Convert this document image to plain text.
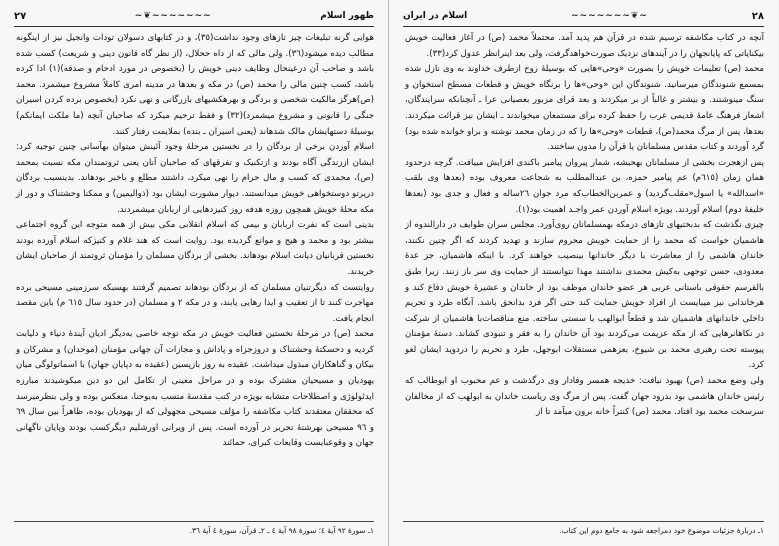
٢٧	∼❦∼∼∼∼∼∼∼	ظهور اسلام

هوایی گرنه تبلیغات چیز تازهای وجود نداشت(٣٥)، و در کتابهای دسولان تودات وانجیل نیز از اینگونه مطالب دیده میشود(٣٦). ولی مالی که از داه ححلال، (از نظر گاه قانون دینی و شریعت) کسب شده باشد و صاحب آن درعینحال وظایف دینی خویش را (بخصوص در مورد ادحام و صدقه)(١) ادا کرده باشد، کسب چنین مالی را محمد (ص) در مکه و بعدها در مدینه امری کاملاً مشروع میشمرد. محمد (ص)هرگز مالکیت شخصی و بردگی و بهرهکشیهای بازرگانی و نهی نکرد (بخصوص برده کردن اسیران جنگی را قانونی و مشروع میشمرد)(٣٢) و فقط ترحیم میکرد که صاحبان آنچه (ما ملکت ایمانکم) بوسیلهٔ دستهایشان مالک شدهاند (یعنی اسیران ـ بنده) بملایمت رفتار کنند.

اسلام آوردن برخی از بردگان را در نخستین مرحلهٔ وجود آئینش میتوان بهآسانی چنین توجیه کرد: ایشان اززندگی آگاه بودند و ازتکنیک و تفرقهای که صاحبان آنان یعنی ثروتمندان مکه نسبت بمحمد (ص)، محمدی که کسب و مال حرام را نهی میکرد، داشتند مطلع و باخبر بودهاند. بدینسبب بردگان درپرتو دوستخواهی خویش میدانستند. دیوار مشورت ایشان بود (ذوالیمین) و ممکنا وحشتناک و دور از مکه محلهٔ خویش همچون روزه هدفه روز کنیزدهایی از اربابان میشمردند.

بدینی است که نفرت اربابان و بیمی که اسلام انقلابی مکی بیش از همه متوجه این گروه اجتماعی بیشتر بود و محمد و هیج و موانع گردیده بود. روایت است که هند غلام و کنیزکه اسلام آورده بودند نخستین قربانیان دیانت اسلام بودهاند. بخشی از بردگان مسلمان را مؤمنان ثروتمند از صاحبان ایشان خریدند.

روایتست که دیگرتنیان مسلمان که از بردگان بودهاند تصمیم گرفتند بهسبکه سرزمینی مسیحی برده مهاجرت کنند تا از تعقیب و ایذا رهایی یابند، و در مکه ٢ و مسلمان (در حدود سال ٦١٥ م) باین مقصد انجام یافت.

محمد (ص) در مرحلهٔ نخستین فعالیت خویش در مکه توجه خاصی به‌دیگر ادیان آیندهٔ دنیاء و دلیابت کردیه و دحسکتهٔ وحشتناک و دروزجزاه و پاداش و مجازات آن جهانی مؤمنان (موحدان) و مشرکان و بیکان و گناهکاران مبذول میداشت. عقیده به روز بازپسین (عقیده به دپایان جهان) با اسماتولوگی میان یهودیان و مسیحیان مشترک بوده و در مراحل معینی از تکامل این دو دین میکوشیدند مبارزه ایدئولوژی و اصطلاحات متشابه بویژه در کتب مقدسهٔ متسب به‌یوحنا، منعکس بوده و ولی بنظرمیرسد که محققان معتقدند کتاب مکاشفه را مؤلف مسیحی مجهولی که از یهودیان بوده، ظاهراً بین سال ٦٩ و ٩٦ مسیحی بهرشتهٔ تحریر در آورده است. پس از ویرانی اورشلیم دیگرکسب بودند وپایان ناگهانی جهان و وقوعبایست وقایعات کبرای، حمائند

١ـ سورهٔ ٩٢ آیهٔ ٤؛ سورهٔ ٩٨ آیهٔ ٤ ـ ٢ـ قرآن، سورهٔ ٤ آیهٔ ٣٦.
اسلام در ایران	∼∼∼∼∼∼∼❦∼	٢٨

آنچه در کتاب مکاشفه ترسیم شده در قرآن هم پدید آمد. محتملاً محمد (ص) در آغاز فعالیت خویش بیکنایاتی که پایانجهان را در آیندهای نزدیک صورت‌خواهدگرفت، ولی بعد اینرانظر عدول کرد(٣٣).

محمد (ص) تعلیمات خویش را بصورت «وحی»هایی که بوسیلهٔ روح ازطرف خداوند به وی نازل شده بمسمع شنوندگان میرسانید. شنوندگان این «وحی»ها را برنگاه خویش و قطعات مسطح استخوان و سنگ مینوشتند. و بیشتر و غالباً از بر میکردند و بعد قرای مزبور بعصیانی عرا ـ آنچنانکه سرایندگان، اشعار فرهنگ عامهٔ قدیمی عرب را حفظ کرده برای مستمعان میخواندند ـ ایشان نیز قرائت میکردند. بعدها، پس از مرگ محمد(ص)، قطعات «وحی»ها را که در زمان محمد نوشته و براو خوانده شده بود) گرد آوردند و کتاب مقدس مسلمانان یا قرآن را مدون ساختند.

پس ازهجرت بخشی از مسلمانان بهحبشه، شمار پیروان پیامبر باکندی افزایش مییافت. گرچه درحدود همان زمان (٦١٥م) عم پیامبر حمزه، بن عبدالمطلب به شجاعت معروف بوده (بعدها وی بلقب «اسدالله» یا اسول‌«مقلب‌گردید) و عمربن‌الخطاب‌که مرد جوان ٢٦ساله و فعال و جدی بود (بعدها خلیفهٔ دوم) اسلام آوردند. بویژه اسلام آوردن عمر واجـد اهمیت بود(١).

چیزی نگذشت که بدبختیهای تازهای درمکه بهمسلمانان روی‌آورد. مجلس سران طوایف در دارالندوه از هاشمیان خواست که محمد را از حمایت خویش محروم سازند و تهدید کردند که اگر چنین نکنند، خاندان هاشمی را از معاشرت با دیگر خاندانها بینصیب خواهند کرد. با اینکه هاشمیان، جز عدهٔ معدودی، حسن توجهی به‌کیش محمدی نداشتند مهذا نتوانستند از حمایت وی سر باز زنند. زیرا طبق بالفرسم حقوقی باستانی عربی هر عضو خاندان موظف بود از خاندان و عشیرهٔ خویش دفاع کند و هرخاندانی نیز میبایست از افراد خویش حمایت کند حتی اگر فرد بدانحق باشد. آنگاه طرد و تحریم داخلی خاندانهای هاشمیان شد و قطعاً ابوالهب با سستی ساخته. منع مناقصات‌با هاشمیان از شرکت در نکاهانرهایی که از مکه عزیمت می‌کردند بود آن خاندان را به فقر و تنبودی کشاند. دستهٔ مؤمنان پیوسته تحت رهبری محمد بن شیوخ، بعزهمی مستقلات ابوجهل، طرد و تحریم را دردوید ایشان لغو کرد.

ولی وضع محمد (ص) بهبود نیافت: خدیجه همسر وفادار وی درگذشت و عم محبوب او ابوطالب که رئیس خاندان هاشمی بود بدرود جهان گفت. پس از مرگ وی ریاست خاندان به ابولهب که از مخالفان سرسخت محمد بود افتاد. محمد (ص) کنتراً خانه برون میآمد تا از

١ـ دربارهٔ جزئیات موضوع خود دمراجعه شود به جامع دوم این کتاب.
